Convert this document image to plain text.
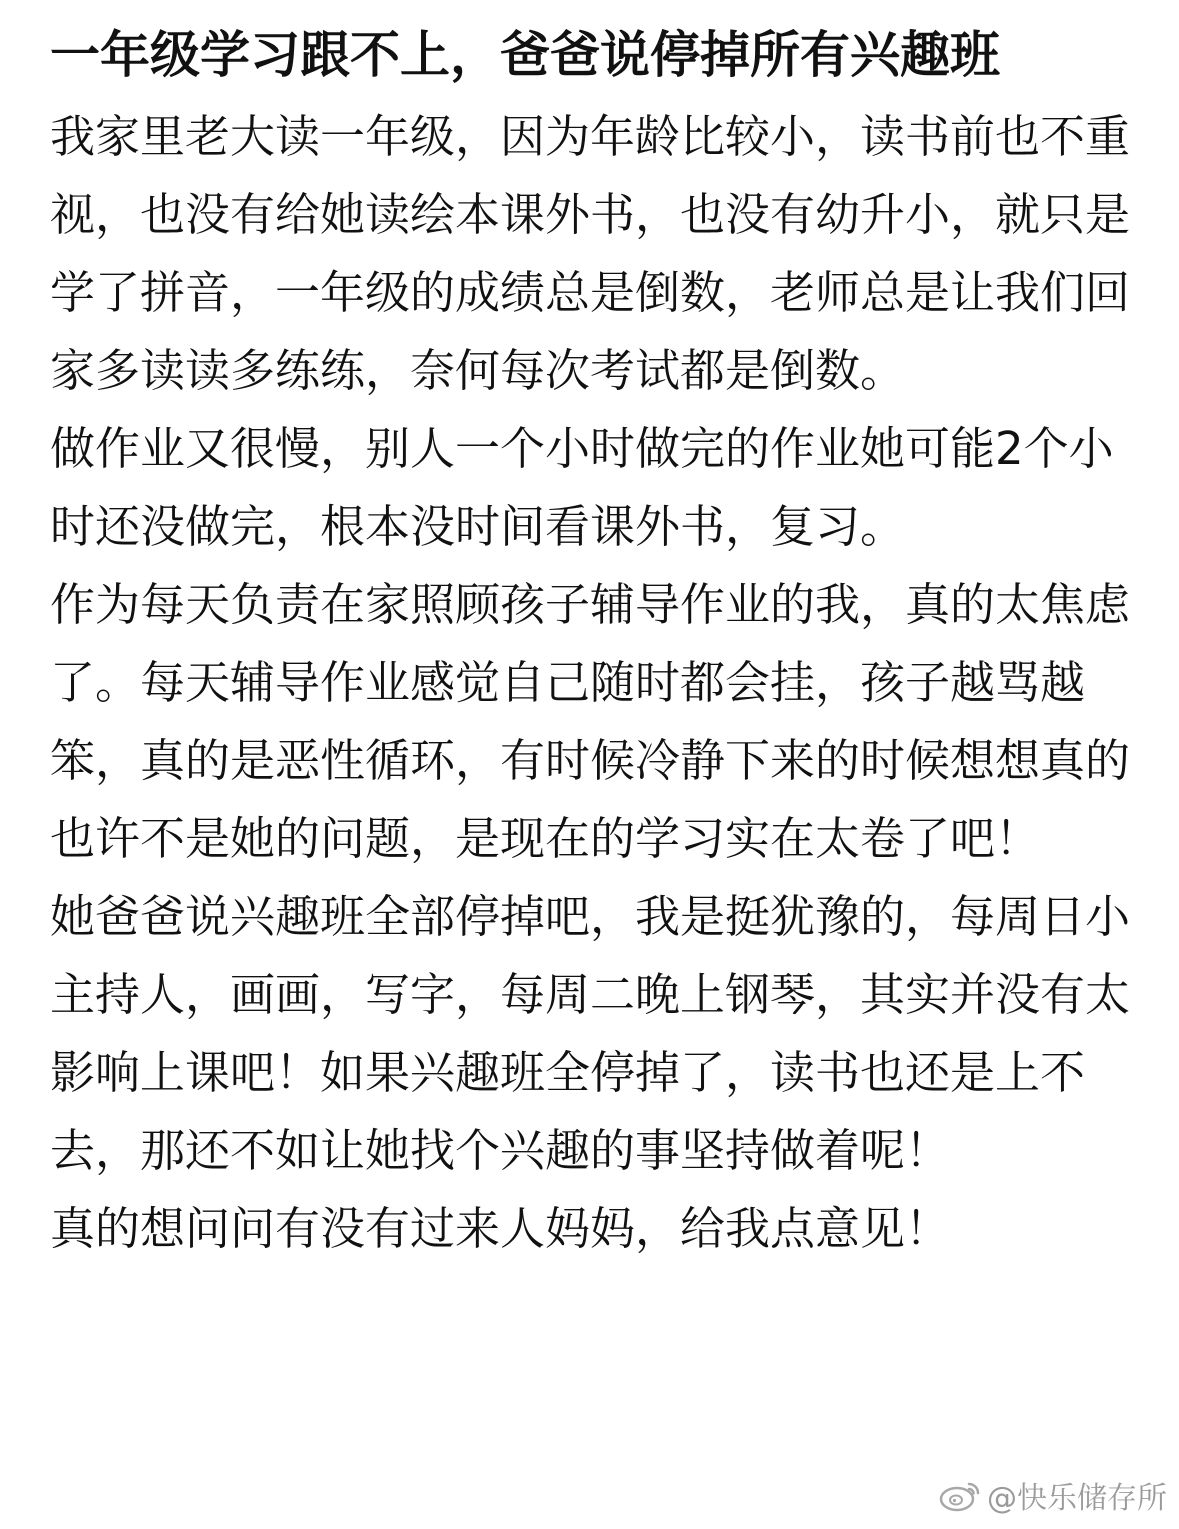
一年级学习跟不上，爸爸说停掉所有兴趣班

我家里老大读一年级，因为年龄比较小，读书前也不重视，也没有给她读绘本课外书，也没有幼升小，就只是学了拼音，一年级的成绩总是倒数，老师总是让我们回家多读读多练练，奈何每次考试都是倒数。

做作业又很慢，别人一个小时做完的作业她可能2个小时还没做完，根本没时间看课外书，复习。

作为每天负责在家照顾孩子辅导作业的我，真的太焦虑了。每天辅导作业感觉自己随时都会挂，孩子越骂越笨，真的是恶性循环，有时候冷静下来的时候想想真的也许不是她的问题，是现在的学习实在太卷了吧！

她爸爸说兴趣班全部停掉吧，我是挺犹豫的，每周日小主持人，画画，写字，每周二晚上钢琴，其实并没有太影响上课吧！如果兴趣班全停掉了，读书也还是上不去，那还不如让她找个兴趣的事坚持做着呢！

真的想问问有没有过来人妈妈，给我点意见！

@快乐储存所
